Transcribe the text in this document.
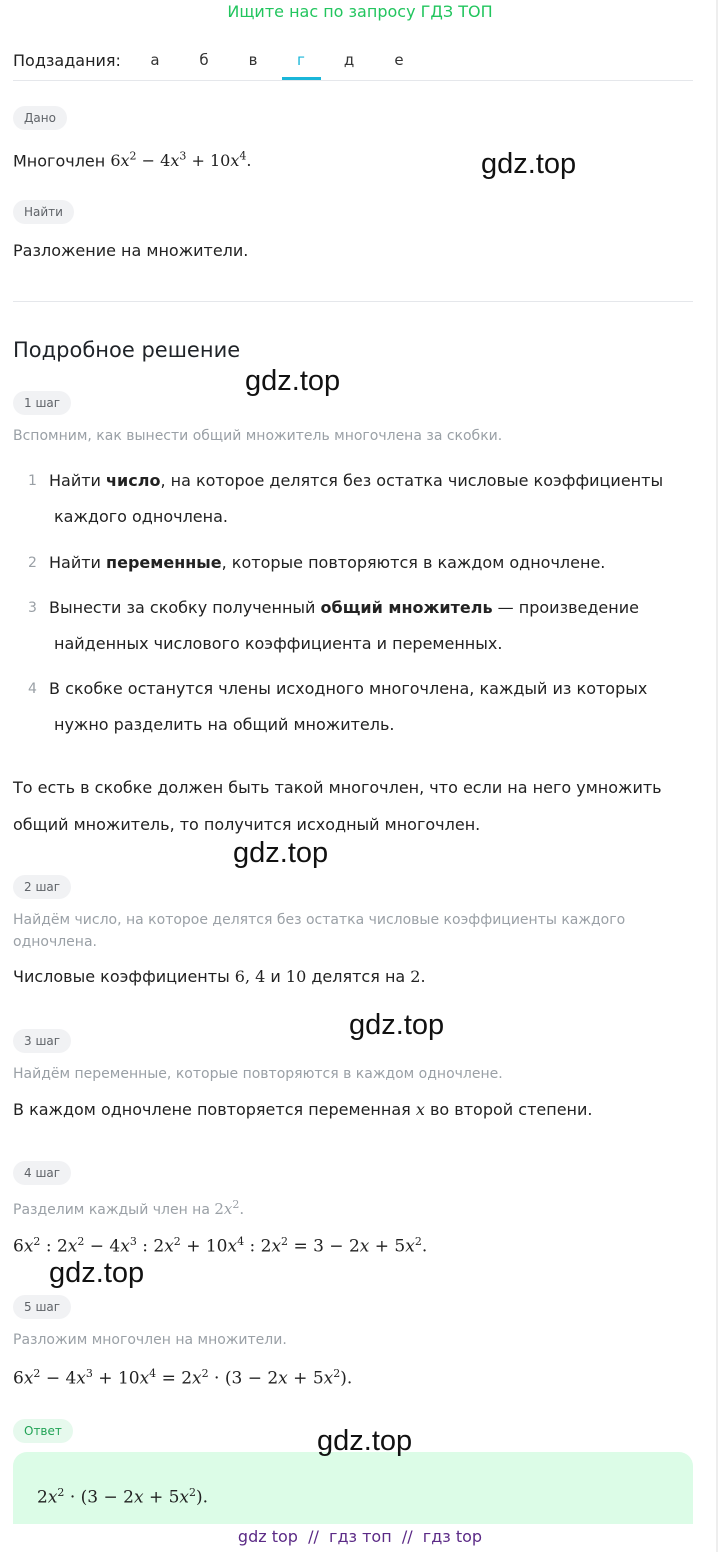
Ищите нас по запросу ГДЗ ТОП
Подзадания:	а	б	в	г	д	е
Дано
Многочлен $6x^2 - 4x^3 + 10x^4$.	gdz.top
Найти
Разложение на множители.
Подробное решение
gdz.top
1 шаг
Вспомним, как вынести общий множитель многочлена за скобки.
1 Найти число, на которое делятся без остатка числовые коэффициенты
каждого одночлена.
2 Найти переменные, которые повторяются в каждом одночлене.
3 Вынести за скобку полученный общий множитель — произведение
найденных числового коэффициента и переменных.
4 В скобке останутся члены исходного многочлена, каждый из которых
нужно разделить на общий множитель.
То есть в скобке должен быть такой многочлен, что если на него умножить
общий множитель, то получится исходный многочлен.
gdz.top
2 шаг
Найдём число, на которое делятся без остатка числовые коэффициенты каждого
одночлена.
Числовые коэффициенты 6, 4 и 10 делятся на 2.
gdz.top
3 шаг
Найдём переменные, которые повторяются в каждом одночлене.
В каждом одночлене повторяется переменная x во второй степени.
4 шаг
Разделим каждый член на $2x^2$.
$6x^2$ : $2x^2 - 4x^3$ : $2x^2 + 10x^4$ : $2x^2 = 3 - 2x + 5x^2$.
gdz.top
5 шаг
Разложим многочлен на множители.
$6x^2 - 4x^3 + 10x^4 = 2x^2 \cdot (3 - 2x + 5x^2)$.
Ответ
$2x^2 \cdot (3 - 2x + 5x^2)$.
gdz.top
gdz top  //  гдз топ  //  гдз top
